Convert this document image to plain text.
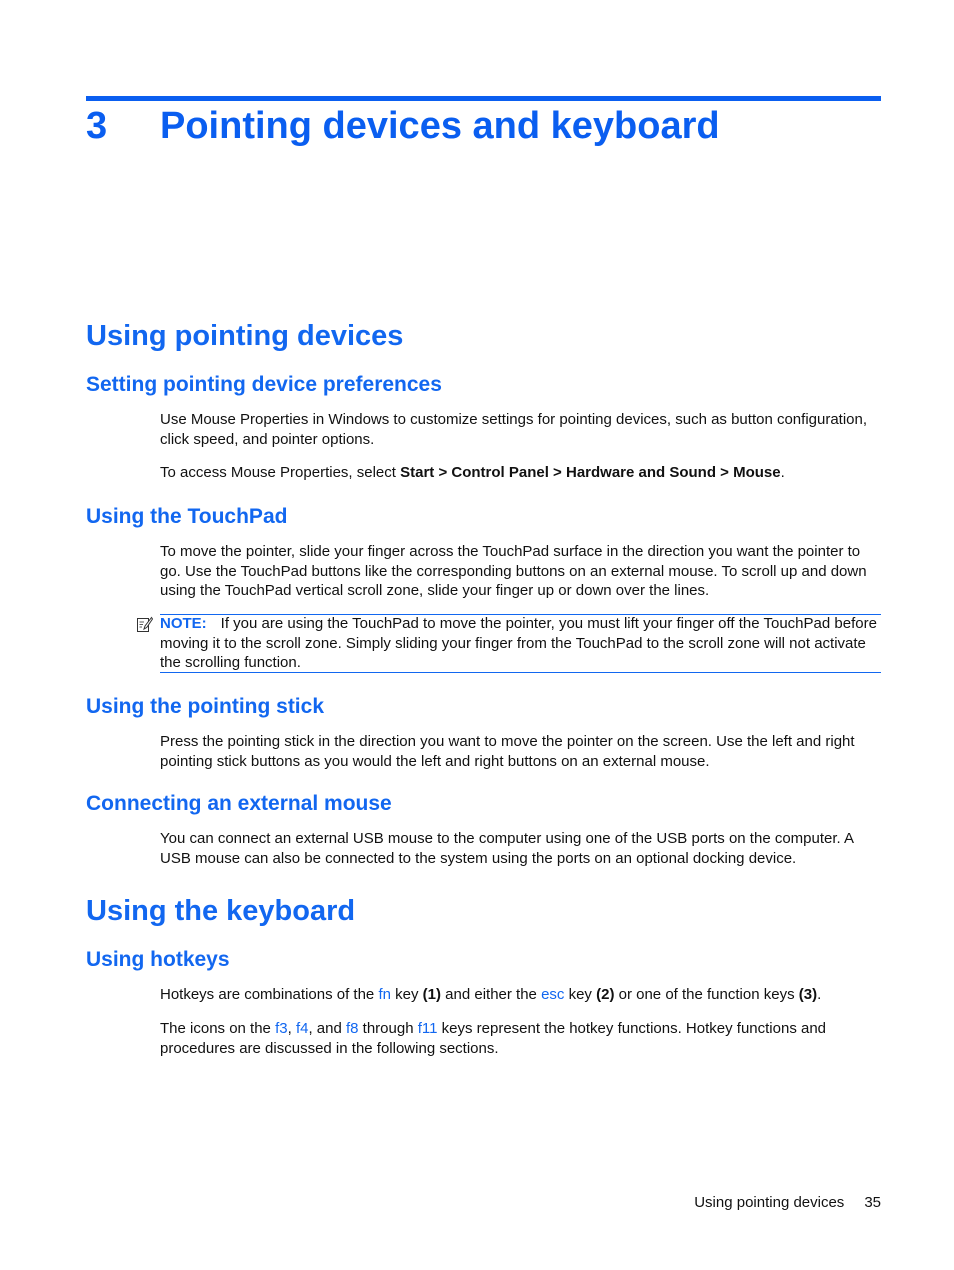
3 Pointing devices and keyboard
Using pointing devices
Setting pointing device preferences
Use Mouse Properties in Windows to customize settings for pointing devices, such as button configuration, click speed, and pointer options.
To access Mouse Properties, select Start > Control Panel > Hardware and Sound > Mouse.
Using the TouchPad
To move the pointer, slide your finger across the TouchPad surface in the direction you want the pointer to go. Use the TouchPad buttons like the corresponding buttons on an external mouse. To scroll up and down using the TouchPad vertical scroll zone, slide your finger up or down over the lines.
NOTE: If you are using the TouchPad to move the pointer, you must lift your finger off the TouchPad before moving it to the scroll zone. Simply sliding your finger from the TouchPad to the scroll zone will not activate the scrolling function.
Using the pointing stick
Press the pointing stick in the direction you want to move the pointer on the screen. Use the left and right pointing stick buttons as you would the left and right buttons on an external mouse.
Connecting an external mouse
You can connect an external USB mouse to the computer using one of the USB ports on the computer. A USB mouse can also be connected to the system using the ports on an optional docking device.
Using the keyboard
Using hotkeys
Hotkeys are combinations of the fn key (1) and either the esc key (2) or one of the function keys (3).
The icons on the f3, f4, and f8 through f11 keys represent the hotkey functions. Hotkey functions and procedures are discussed in the following sections.
Using pointing devices 35
